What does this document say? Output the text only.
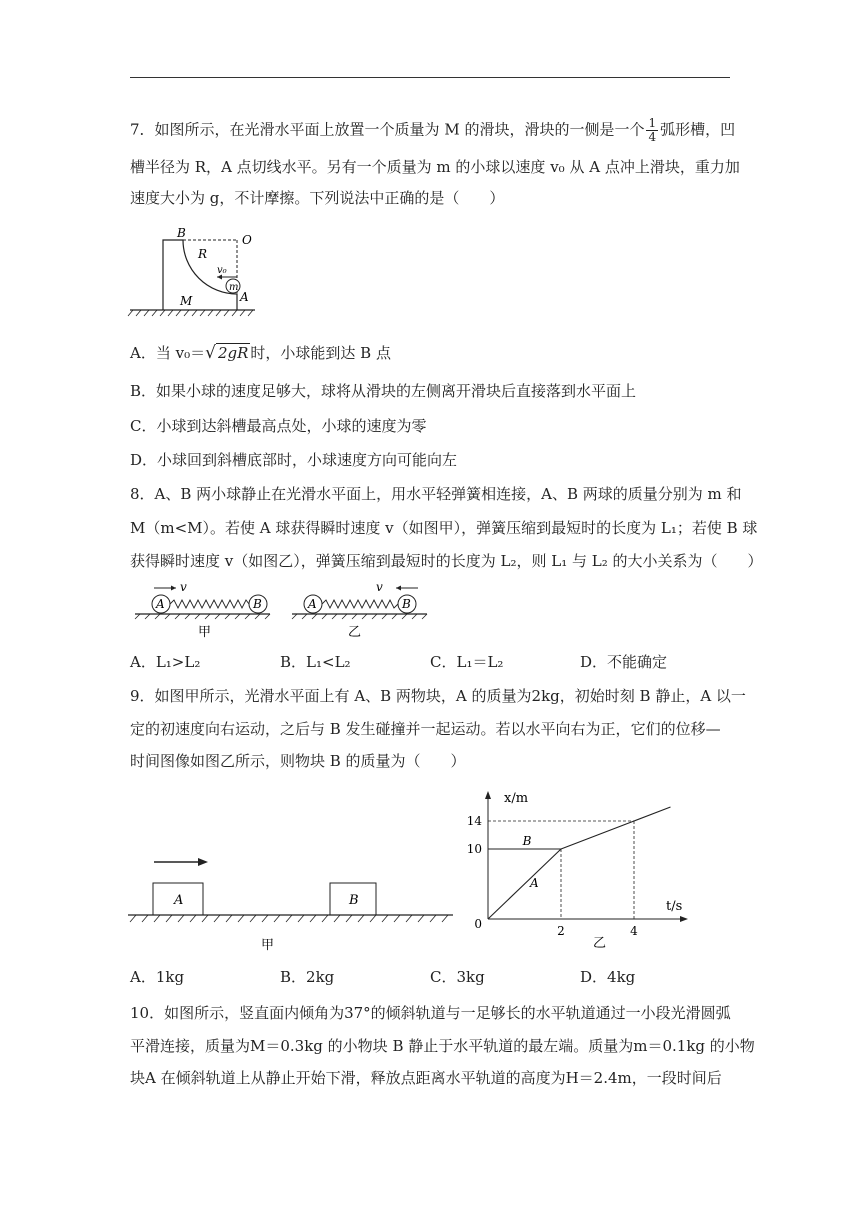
7．如图所示，在光滑水平面上放置一个质量为 M 的滑块，滑块的一侧是一个 $\frac{1}{4}$ 弧形槽，凹
槽半径为 R，A 点切线水平。另有一个质量为 m 的小球以速度 v₀ 从 A 点冲上滑块，重力加
速度大小为 g，不计摩擦。下列说法中正确的是（　　）
B	O
R
v₀
m
A
M
A．当 v₀＝√ 2gR 时，小球能到达 B 点
B．如果小球的速度足够大，球将从滑块的左侧离开滑块后直接落到水平面上
C．小球到达斜槽最高点处，小球的速度为零
D．小球回到斜槽底部时，小球速度方向可能向左
8．A、B 两小球静止在光滑水平面上，用水平轻弹簧相连接，A、B 两球的质量分别为 m 和
M（m<M）。若使 A 球获得瞬时速度 v（如图甲），弹簧压缩到最短时的长度为 L₁；若使 B 球
获得瞬时速度 v（如图乙），弹簧压缩到最短时的长度为 L₂，则 L₁ 与 L₂ 的大小关系为（　　）
A	B
v
甲
A	B
v
乙
A．L₁>L₂	B．L₁<L₂	C．L₁＝L₂	D．不能确定
9．如图甲所示，光滑水平面上有 A、B 两物块，A 的质量为2kg，初始时刻 B 静止，A 以一
定的初速度向右运动，之后与 B 发生碰撞并一起运动。若以水平向右为正，它们的位移—
时间图像如图乙所示，则物块 B 的质量为（　　）
A	B
甲
x/m
t/s
0
乙
2	4
10
14
A
B
A．1kg	B．2kg	C．3kg	D．4kg
10．如图所示，竖直面内倾角为37°的倾斜轨道与一足够长的水平轨道通过一小段光滑圆弧
平滑连接，质量为M＝0.3kg 的小物块 B 静止于水平轨道的最左端。质量为m＝0.1kg 的小物
块A 在倾斜轨道上从静止开始下滑，释放点距离水平轨道的高度为H＝2.4m，一段时间后
